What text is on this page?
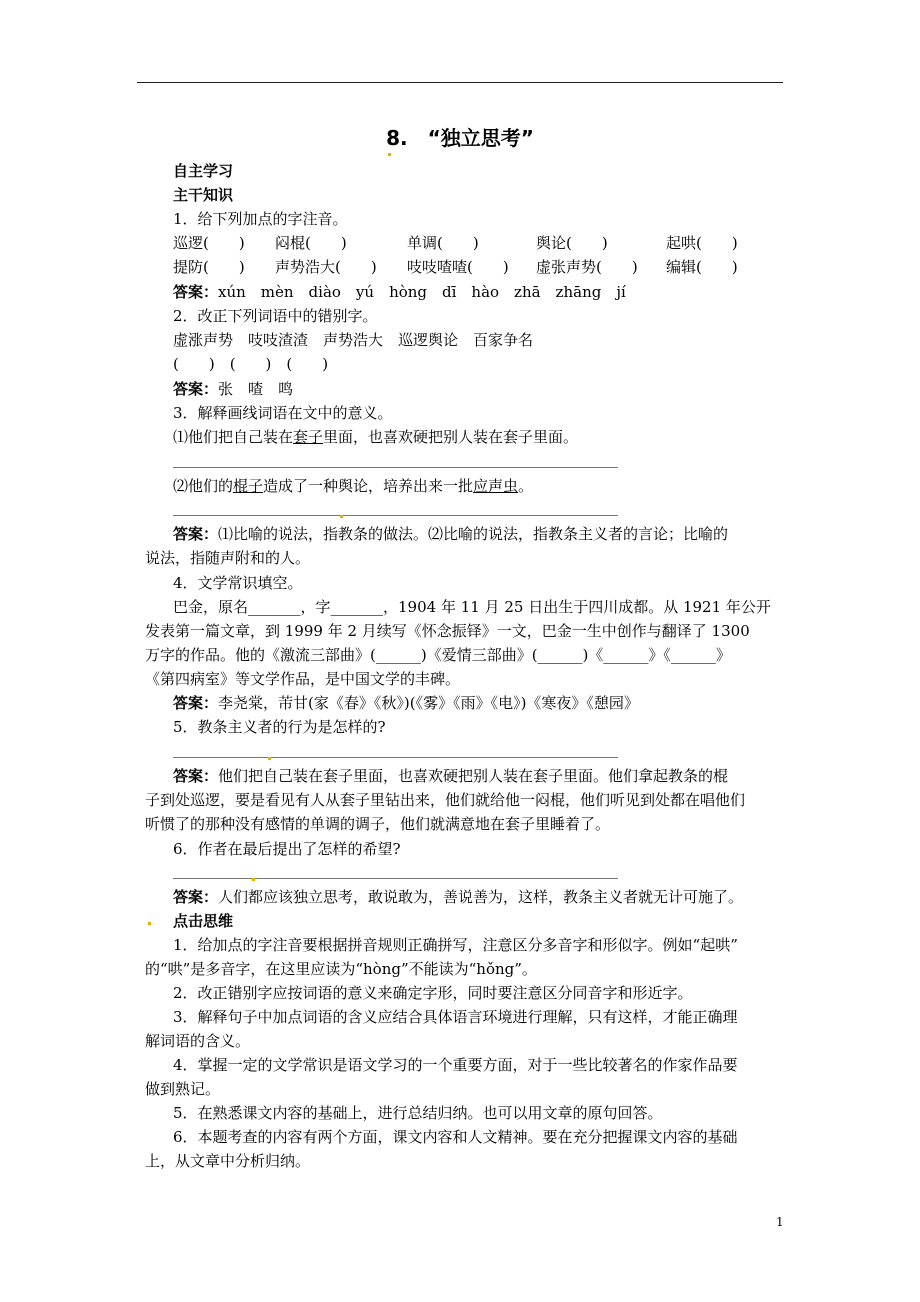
8.　“独立思考”
自主学习
主干知识
1．给下列加点的字注音。
巡逻(　　) 闷棍(　　)	单调(　　)	舆论(　　)	起哄(　　)
提防(　　) 声势浩大(　　) 吱吱喳喳(　　) 虚张声势(　　) 编辑(　　)
答案：xún　mèn　diào　yú　hòng　dī　hào　zhā　zhāng　jí
2．改正下列词语中的错别字。
虚涨声势　吱吱渣渣　声势浩大　巡逻舆论　百家争名
(　　)　(　　)　(　　)
答案：张　喳　鸣
3．解释画线词语在文中的意义。
⑴他们把自己装在套子里面，也喜欢硬把别人装在套子里面。
⑵他们的棍子造成了一种舆论，培养出来一批应声虫。
答案：⑴比喻的说法，指教条的做法。⑵比喻的说法，指教条主义者的言论；比喻的
说法，指随声附和的人。
4．文学常识填空。
巴金，原名_______，字_______，1904 年 11 月 25 日出生于四川成都。从 1921 年公开
发表第一篇文章，到 1999 年 2 月续写《怀念振铎》一文，巴金一生中创作与翻译了 1300
万字的作品。他的《激流三部曲》(______)《爱情三部曲》(______)《______》《______》
《第四病室》等文学作品，是中国文学的丰碑。
答案：李尧棠，芾甘(家《春》《秋》)(《雾》《雨》《电》)《寒夜》《憩园》
5．教条主义者的行为是怎样的?
答案：他们把自己装在套子里面，也喜欢硬把别人装在套子里面。他们拿起教条的棍
子到处巡逻，要是看见有人从套子里钻出来，他们就给他一闷棍，他们听见到处都在唱他们
听惯了的那种没有感情的单调的调子，他们就满意地在套子里睡着了。
6．作者在最后提出了怎样的希望?
答案：人们都应该独立思考，敢说敢为，善说善为，这样，教条主义者就无计可施了。
点击思维
1．给加点的字注音要根据拼音规则正确拼写，注意区分多音字和形似字。例如“起哄”
的“哄”是多音字，在这里应读为“hòng”不能读为“hǒng”。
2．改正错别字应按词语的意义来确定字形，同时要注意区分同音字和形近字。
3．解释句子中加点词语的含义应结合具体语言环境进行理解，只有这样，才能正确理
解词语的含义。
4．掌握一定的文学常识是语文学习的一个重要方面，对于一些比较著名的作家作品要
做到熟记。
5．在熟悉课文内容的基础上，进行总结归纳。也可以用文章的原句回答。
6．本题考查的内容有两个方面，课文内容和人文精神。要在充分把握课文内容的基础
上，从文章中分析归纳。
1
